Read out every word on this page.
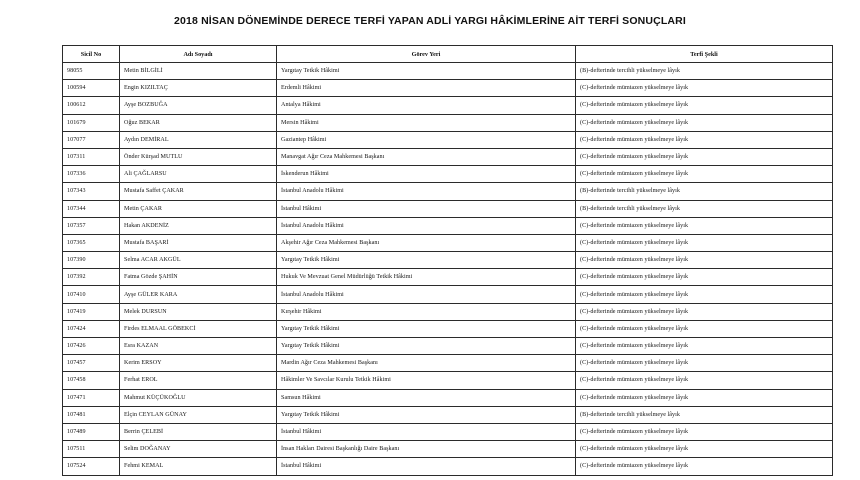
2018 NİSAN DÖNEMİNDE DERECE TERFİ YAPAN ADLİ YARGI HÂKİMLERİNE AİT TERFİ SONUÇLARI
Sicil No	Adı Soyadı	Görev Yeri	Terfi Şekli
98055	Metin BİLGİLİ	Yargıtay Tetkik Hâkimi	(B)-defterinde tercihli yükselmeye lâyık
100594	Engin KIZILTAÇ	Erdemli Hâkimi	(C)-defterinde mümtazen yükselmeye lâyık
100612	Ayşe BOZBUĞA	Antalya Hâkimi	(C)-defterinde mümtazen yükselmeye lâyık
101679	Oğuz BEKAR	Mersin Hâkimi	(C)-defterinde mümtazen yükselmeye lâyık
107077	Aydın DEMİRAL	Gaziantep Hâkimi	(C)-defterinde mümtazen yükselmeye lâyık
107311	Önder Kürşad MUTLU	Manavgat Ağır Ceza Mahkemesi Başkanı	(C)-defterinde mümtazen yükselmeye lâyık
107336	Ali ÇAĞLARSU	İskenderun Hâkimi	(C)-defterinde mümtazen yükselmeye lâyık
107343	Mustafa Saffet ÇAKAR	İstanbul Anadolu Hâkimi	(B)-defterinde tercihli yükselmeye lâyık
107344	Metin ÇAKAR	İstanbul Hâkimi	(B)-defterinde tercihli yükselmeye lâyık
107357	Hakan AKDENİZ	İstanbul Anadolu Hâkimi	(C)-defterinde mümtazen yükselmeye lâyık
107365	Mustafa BAŞARİ	Akşehir Ağır Ceza Mahkemesi Başkanı	(C)-defterinde mümtazen yükselmeye lâyık
107390	Selma ACAR AKGÜL	Yargıtay Tetkik Hâkimi	(C)-defterinde mümtazen yükselmeye lâyık
107392	Fatma Gözde ŞAHİN	Hukuk Ve Mevzuat Genel Müdürlüğü Tetkik Hâkimi	(C)-defterinde mümtazen yükselmeye lâyık
107410	Ayşe GÜLER KARA	İstanbul Anadolu Hâkimi	(C)-defterinde mümtazen yükselmeye lâyık
107419	Melek DURSUN	Kırşehir Hâkimi	(C)-defterinde mümtazen yükselmeye lâyık
107424	Firdes ELMAAL GÖBEKCİ	Yargıtay Tetkik Hâkimi	(C)-defterinde mümtazen yükselmeye lâyık
107426	Esra KAZAN	Yargıtay Tetkik Hâkimi	(C)-defterinde mümtazen yükselmeye lâyık
107457	Kerim ERSOY	Mardin Ağır Ceza Mahkemesi Başkanı	(C)-defterinde mümtazen yükselmeye lâyık
107458	Ferhat EROL	Hâkimler Ve Savcılar Kurulu Tetkik Hâkimi	(C)-defterinde mümtazen yükselmeye lâyık
107471	Mahmut KÜÇÜKOĞLU	Samsun Hâkimi	(C)-defterinde mümtazen yükselmeye lâyık
107481	Elçin CEYLAN GÜNAY	Yargıtay Tetkik Hâkimi	(B)-defterinde tercihli yükselmeye lâyık
107489	Berrin ÇELEBİ	İstanbul Hâkimi	(C)-defterinde mümtazen yükselmeye lâyık
107511	Selim DOĞANAY	İnsan Hakları Dairesi Başkanlığı Daire Başkanı	(C)-defterinde mümtazen yükselmeye lâyık
107524	Fehmi KEMAL	İstanbul Hâkimi	(C)-defterinde mümtazen yükselmeye lâyık
